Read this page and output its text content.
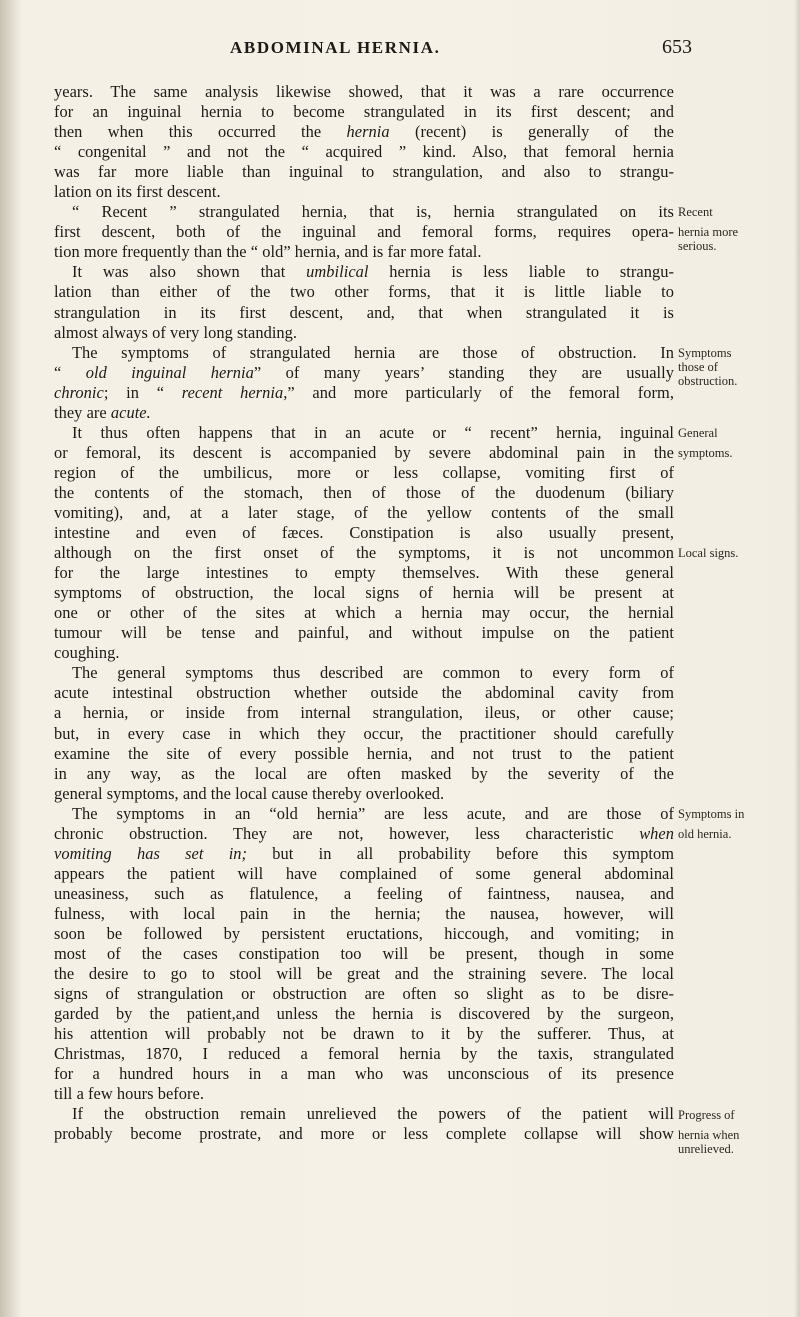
ABDOMINAL HERNIA.	653
years. The same analysis likewise showed, that it was a rare occurrence
for an inguinal hernia to become strangulated in its first descent; and
then when this occurred the hernia (recent) is generally of the
“ congenital ” and not the “ acquired ” kind. Also, that femoral hernia
was far more liable than inguinal to strangulation, and also to strangu-
lation on its first descent.
“ Recent ” strangulated hernia, that is, hernia strangulated on its
first descent, both of the inguinal and femoral forms, requires opera-
tion more frequently than the “ old” hernia, and is far more fatal.
It was also shown that umbilical hernia is less liable to strangu-
lation than either of the two other forms, that it is little liable to
strangulation in its first descent, and, that when strangulated it is
almost always of very long standing.
The symptoms of strangulated hernia are those of obstruction. In
“ old inguinal hernia” of many years’ standing they are usually
chronic; in “ recent hernia,” and more particularly of the femoral form,
they are acute.
It thus often happens that in an acute or “ recent” hernia, inguinal
or femoral, its descent is accompanied by severe abdominal pain in the
region of the umbilicus, more or less collapse, vomiting first of
the contents of the stomach, then of those of the duodenum (biliary
vomiting), and, at a later stage, of the yellow contents of the small
intestine and even of fæces. Constipation is also usually present,
although on the first onset of the symptoms, it is not uncommon
for the large intestines to empty themselves. With these general
symptoms of obstruction, the local signs of hernia will be present at
one or other of the sites at which a hernia may occur, the hernial
tumour will be tense and painful, and without impulse on the patient
coughing.
The general symptoms thus described are common to every form of
acute intestinal obstruction whether outside the abdominal cavity from
a hernia, or inside from internal strangulation, ileus, or other cause;
but, in every case in which they occur, the practitioner should carefully
examine the site of every possible hernia, and not trust to the patient
in any way, as the local are often masked by the severity of the
general symptoms, and the local cause thereby overlooked.
The symptoms in an “old hernia” are less acute, and are those of
chronic obstruction. They are not, however, less characteristic when
vomiting has set in; but in all probability before this symptom
appears the patient will have complained of some general abdominal
uneasiness, such as flatulence, a feeling of faintness, nausea, and
fulness, with local pain in the hernia; the nausea, however, will
soon be followed by persistent eructations, hiccough, and vomiting; in
most of the cases constipation too will be present, though in some
the desire to go to stool will be great and the straining severe. The local
signs of strangulation or obstruction are often so slight as to be disre-
garded by the patient,and unless the hernia is discovered by the surgeon,
his attention will probably not be drawn to it by the sufferer. Thus, at
Christmas, 1870, I reduced a femoral hernia by the taxis, strangulated
for a hundred hours in a man who was unconscious of its presence
till a few hours before.
If the obstruction remain unrelieved the powers of the patient will
probably become prostrate, and more or less complete collapse will show
Recent
hernia more
serious.
Symptoms
those of
obstruction.
General
symptoms.
Local signs.
Symptoms in
old hernia.
Progress of
hernia when
unrelieved.
